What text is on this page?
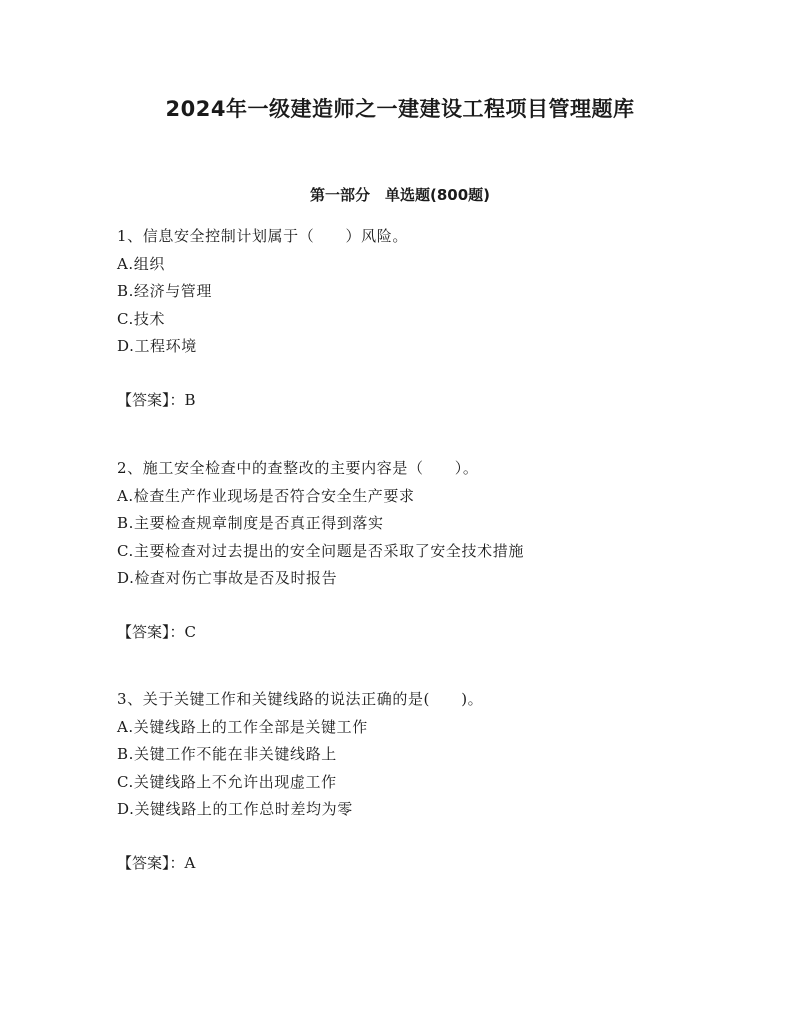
2024年一级建造师之一建建设工程项目管理题库
第一部分　单选题(800题)
1、信息安全控制计划属于（　　）风险。
A.组织
B.经济与管理
C.技术
D.工程环境
【答案】：B
2、施工安全检查中的查整改的主要内容是（　　）。
A.检查生产作业现场是否符合安全生产要求
B.主要检查规章制度是否真正得到落实
C.主要检查对过去提出的安全问题是否采取了安全技术措施
D.检查对伤亡事故是否及时报告
【答案】：C
3、关于关键工作和关键线路的说法正确的是(　　)。
A.关键线路上的工作全部是关键工作
B.关键工作不能在非关键线路上
C.关键线路上不允许出现虚工作
D.关键线路上的工作总时差均为零
【答案】：A
